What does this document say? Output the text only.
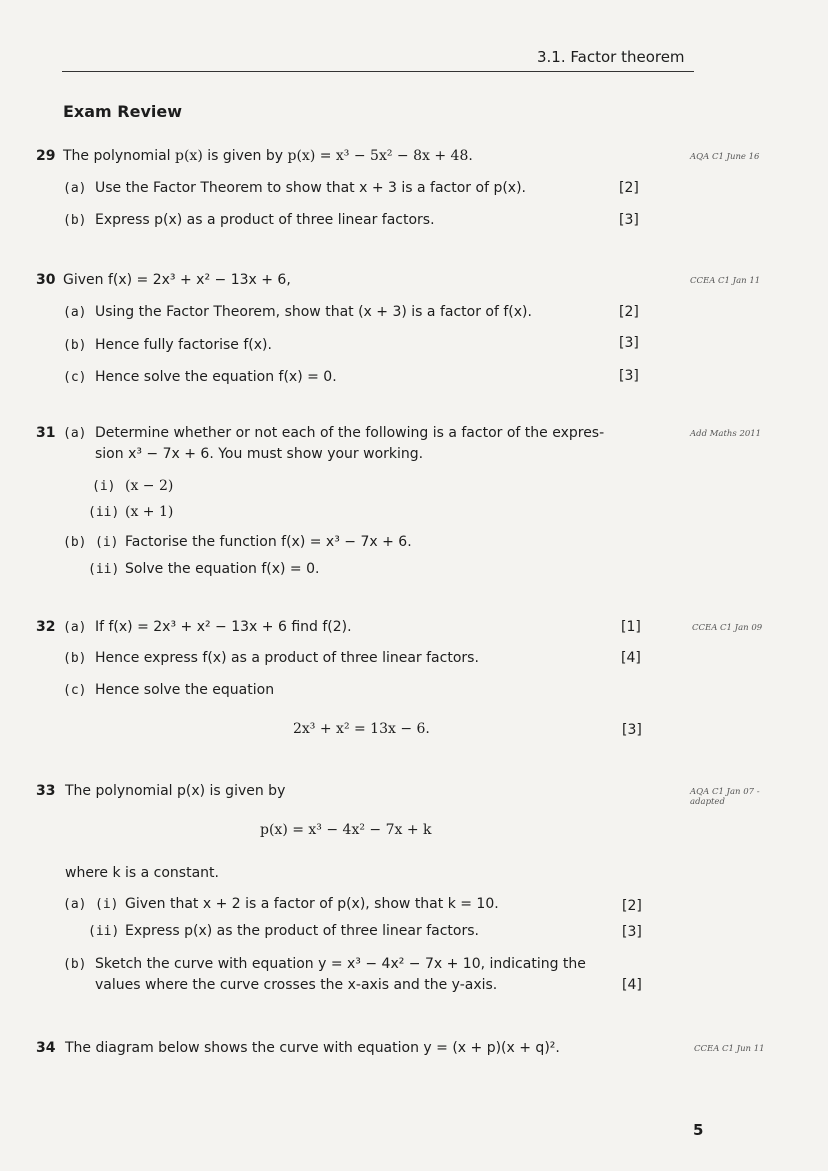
3.1. Factor theorem
Exam Review
29 The polynomial p(x) is given by p(x) = x³ − 5x² − 8x + 48.	AQA C1 June 16
(a) Use the Factor Theorem to show that x + 3 is a factor of p(x).	[2]
(b) Express p(x) as a product of three linear factors.	[3]
30 Given f(x) = 2x³ + x² − 13x + 6,	CCEA C1 Jan 11
(a) Using the Factor Theorem, show that (x + 3) is a factor of f(x).	[2]
(b) Hence fully factorise f(x).	[3]
(c) Hence solve the equation f(x) = 0.	[3]
31 (a) Determine whether or not each of the following is a factor of the expres-	Add Maths 2011
sion x³ − 7x + 6. You must show your working.
(i) (x − 2)
(ii) (x + 1)
(b) (i) Factorise the function f(x) = x³ − 7x + 6.
(ii) Solve the equation f(x) = 0.
32 (a) If f(x) = 2x³ + x² − 13x + 6 find f(2).	[1]	CCEA C1 Jan 09
(b) Hence express f(x) as a product of three linear factors.	[4]
(c) Hence solve the equation
2x³ + x² = 13x − 6.	[3]
33 The polynomial p(x) is given by	AQA C1 Jan 07 -
adapted
p(x) = x³ − 4x² − 7x + k
where k is a constant.
(a) (i) Given that x + 2 is a factor of p(x), show that k = 10.	[2]
(ii) Express p(x) as the product of three linear factors.	[3]
(b) Sketch the curve with equation y = x³ − 4x² − 7x + 10, indicating the
values where the curve crosses the x-axis and the y-axis.	[4]
34 The diagram below shows the curve with equation y = (x + p)(x + q)².	CCEA C1 Jun 11
5
